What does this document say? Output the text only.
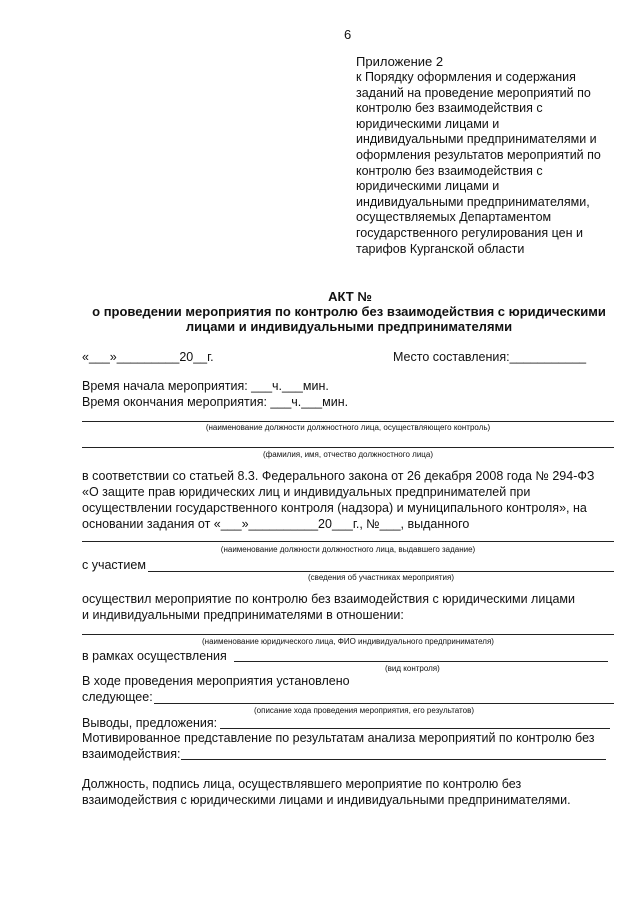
6
Приложение 2
к Порядку оформления и содержания
заданий на проведение мероприятий по
контролю без взаимодействия с
юридическими лицами и
индивидуальными предпринимателями и
оформления результатов мероприятий по
контролю без взаимодействия с
юридическими лицами и
индивидуальными предпринимателями,
осуществляемых Департаментом
государственного регулирования цен и
тарифов Курганской области
АКТ №
о проведении мероприятия по контролю без взаимодействия с юридическими
лицами и индивидуальными предпринимателями
«___»_________20__г.	Место составления:___________
Время начала мероприятия: ___ч.___мин.
Время окончания мероприятия: ___ч.___мин.
(наименование должности должностного лица, осуществляющего контроль)
(фамилия, имя, отчество должностного лица)
в соответствии со статьей 8.3. Федерального закона от 26 декабря 2008 года № 294-ФЗ
«О защите прав юридических лиц и индивидуальных предпринимателей при
осуществлении государственного контроля (надзора) и муниципального контроля», на
основании задания от «___»__________20___г., №___, выданного
(наименование должности должностного лица, выдавшего задание)
с участием
(сведения об участниках мероприятия)
осуществил мероприятие по контролю без взаимодействия с юридическими лицами
и индивидуальными предпринимателями в отношении:
(наименование юридического лица, ФИО индивидуального предпринимателя)
в рамках осуществления
(вид контроля)
В ходе проведения мероприятия установлено
следующее:
(описание хода проведения мероприятия, его результатов)
Выводы, предложения:
Мотивированное представление по результатам анализа мероприятий по контролю без
взаимодействия:
Должность, подпись лица, осуществлявшего мероприятие по контролю без
взаимодействия с юридическими лицами и индивидуальными предпринимателями.
